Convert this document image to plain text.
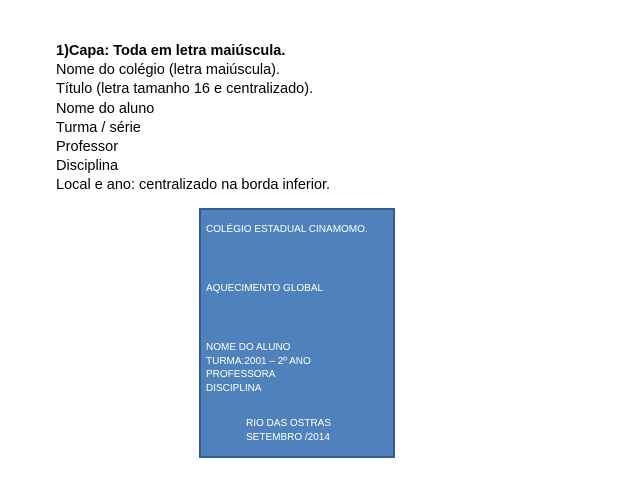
1)Capa: Toda em letra maiúscula.
Nome do colégio (letra maiúscula).
Título (letra tamanho 16 e centralizado).
Nome do aluno
Turma / série
Professor
Disciplina
Local e ano: centralizado na borda inferior.
COLÉGIO ESTADUAL CINAMOMO.
AQUECIMENTO GLOBAL
NOME DO ALUNO
TURMA:2001 – 2º ANO
PROFESSORA
DISCIPLINA
RIO DAS OSTRAS
SETEMBRO /2014
